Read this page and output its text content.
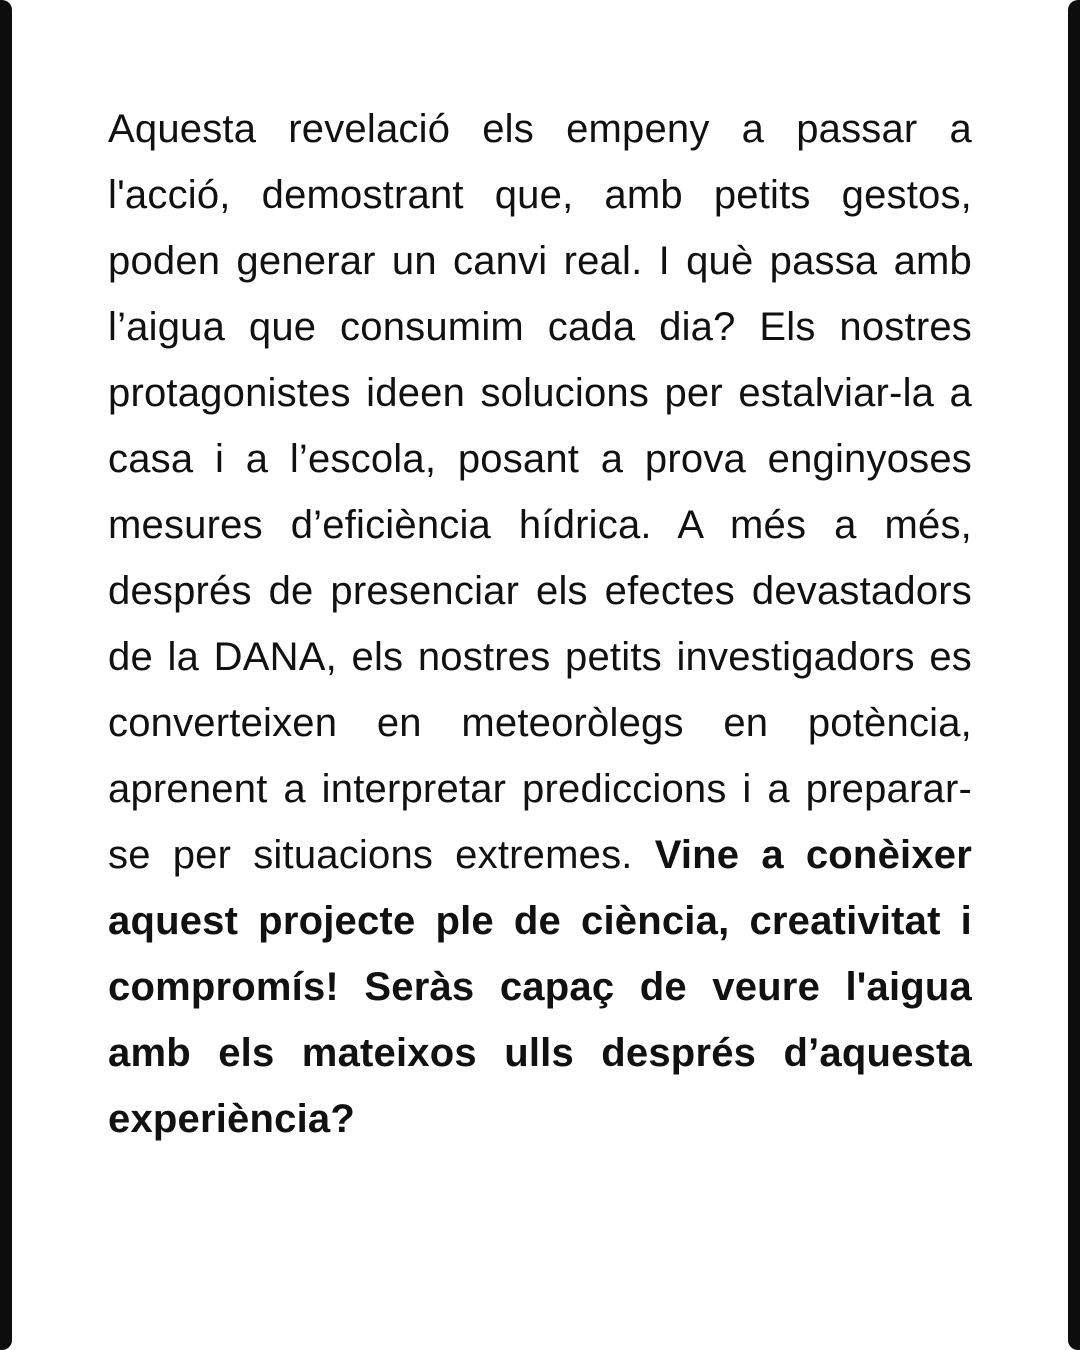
Aquesta revelació els empeny a passar a l'acció, demostrant que, amb petits gestos, poden generar un canvi real. I què passa amb l’aigua que consumim cada dia? Els nostres protagonistes ideen solucions per estalviar-la a casa i a l’escola, posant a prova enginyoses mesures d’eficiència hídrica. A més a més, després de presenciar els efectes devastadors de la DANA, els nostres petits investigadors es converteixen en meteoròlegs en potència, aprenent a interpretar prediccions i a preparar-se per situacions extremes. Vine a conèixer aquest projecte ple de ciència, creativitat i compromís! Seràs capaç de veure l'aigua amb els mateixos ulls després d’aquesta experiència?
